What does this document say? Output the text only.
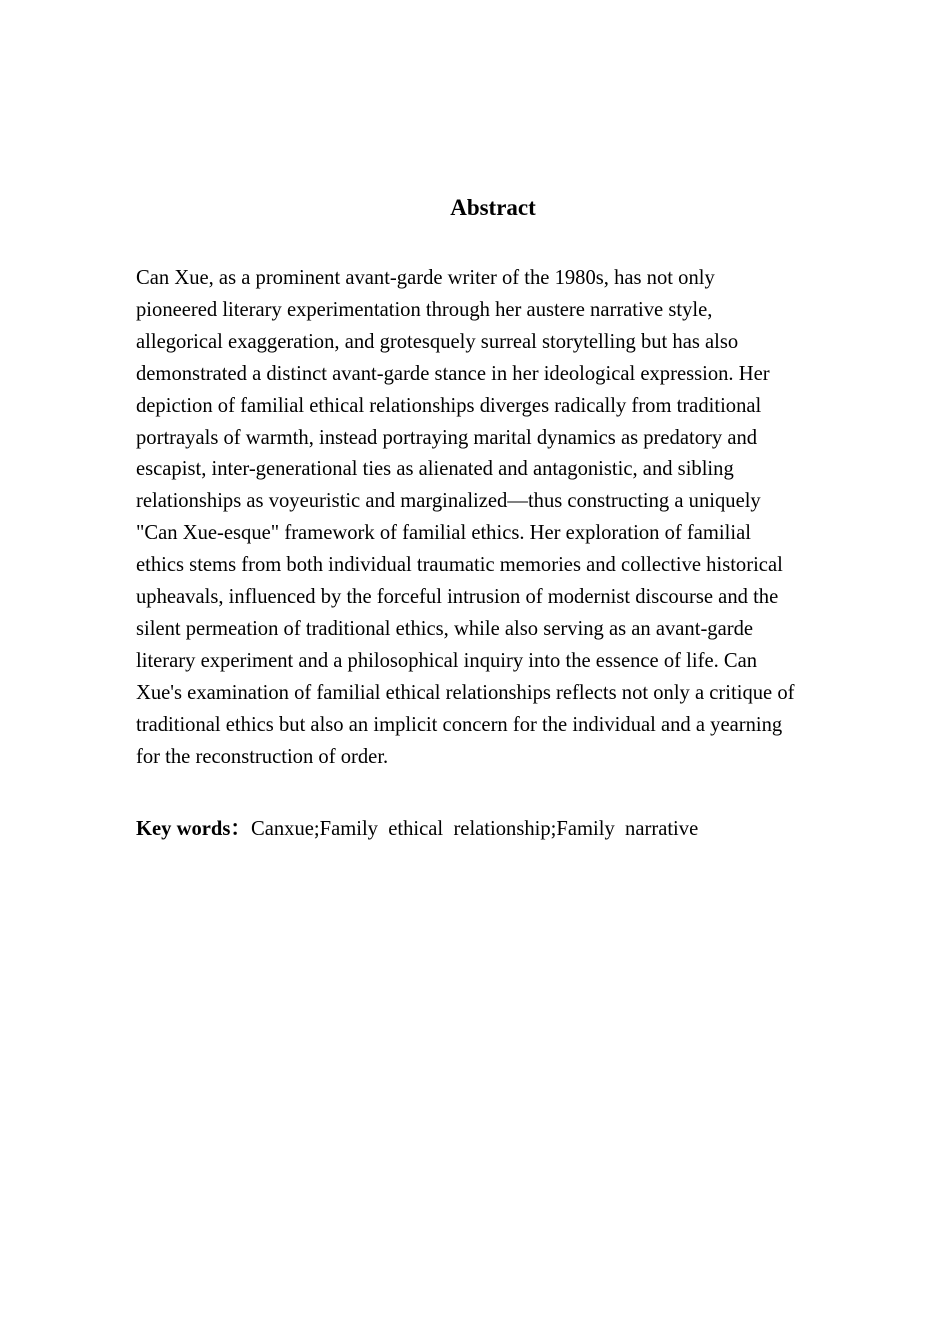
Abstract
Can Xue, as a prominent avant-garde writer of the 1980s, has not only
pioneered literary experimentation through her austere narrative style,
allegorical exaggeration, and grotesquely surreal storytelling but has also
demonstrated a distinct avant-garde stance in her ideological expression. Her
depiction of familial ethical relationships diverges radically from traditional
portrayals of warmth, instead portraying marital dynamics as predatory and
escapist, inter-generational ties as alienated and antagonistic, and sibling
relationships as voyeuristic and marginalized—thus constructing a uniquely
"Can Xue-esque" framework of familial ethics. Her exploration of familial
ethics stems from both individual traumatic memories and collective historical
upheavals, influenced by the forceful intrusion of modernist discourse and the
silent permeation of traditional ethics, while also serving as an avant-garde
literary experiment and a philosophical inquiry into the essence of life. Can
Xue's examination of familial ethical relationships reflects not only a critique of
traditional ethics but also an implicit concern for the individual and a yearning
for the reconstruction of order.

Key words：Canxue;Family  ethical  relationship;Family  narrative
